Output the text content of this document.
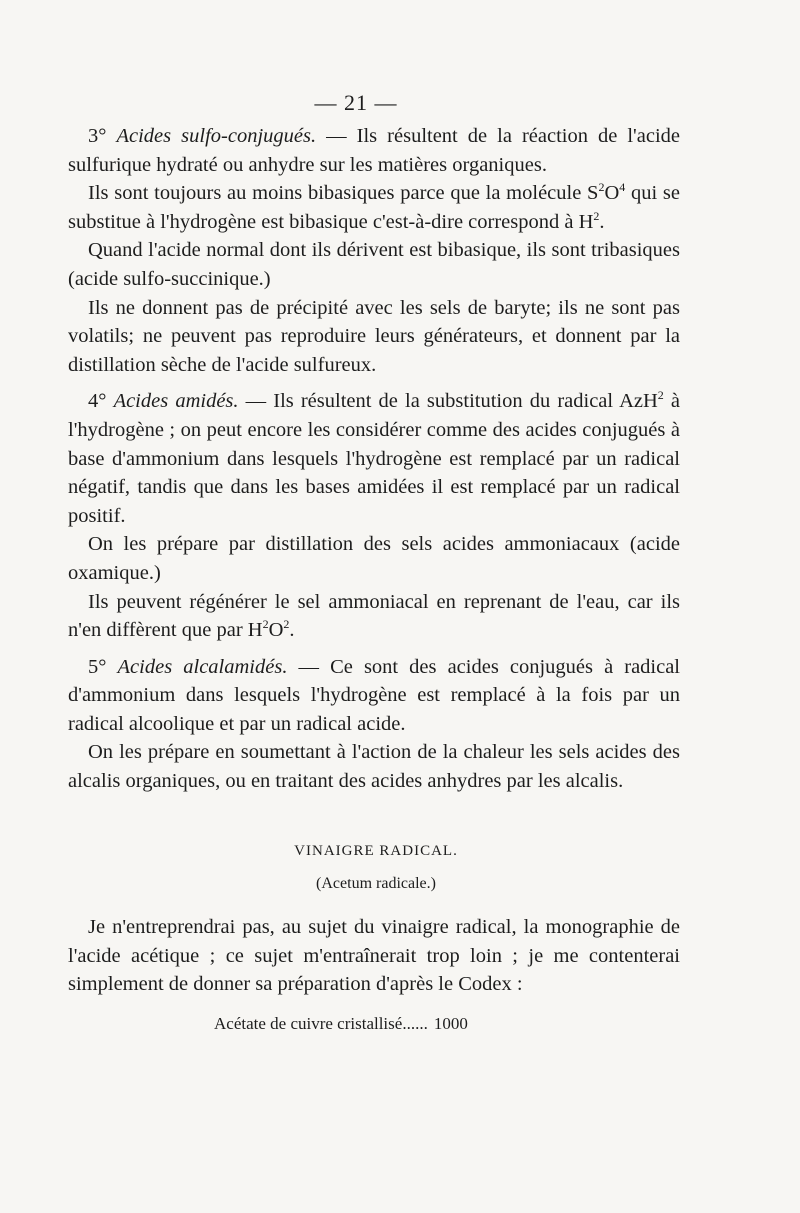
— 21 —

3° Acides sulfo-conjugués. — Ils résultent de la réaction de l'acide sulfurique hydraté ou anhydre sur les matières organiques.

Ils sont toujours au moins bibasiques parce que la molécule $S^2O^4$ qui se substitue à l'hydrogène est bibasique c'est-à-dire correspond à $H^2$.

Quand l'acide normal dont ils dérivent est bibasique, ils sont tribasiques (acide sulfo-succinique.)

Ils ne donnent pas de précipité avec les sels de baryte; ils ne sont pas volatils; ne peuvent pas reproduire leurs générateurs, et donnent par la distillation sèche de l'acide sulfureux.

4° Acides amidés. — Ils résultent de la substitution du radical AzH$^2$ à l'hydrogène ; on peut encore les considérer comme des acides conjugués à base d'ammonium dans lesquels l'hydrogène est remplacé par un radical négatif, tandis que dans les bases amidées il est remplacé par un radical positif.

On les prépare par distillation des sels acides ammoniacaux (acide oxamique.)

Ils peuvent régénérer le sel ammoniacal en reprenant de l'eau, car ils n'en diffèrent que par $H^2O^2$.

5° Acides alcalamidés. — Ce sont des acides conjugués à radical d'ammonium dans lesquels l'hydrogène est remplacé à la fois par un radical alcoolique et par un radical acide.

On les prépare en soumettant à l'action de la chaleur les sels acides des alcalis organiques, ou en traitant des acides anhydres par les alcalis.

VINAIGRE RADICAL.
(Acetum radicale.)

Je n'entreprendrai pas, au sujet du vinaigre radical, la monographie de l'acide acétique ; ce sujet m'entraînerait trop loin ; je me contenterai simplement de donner sa préparation d'après le Codex :

Acétate de cuivre cristallisé...... 1000
